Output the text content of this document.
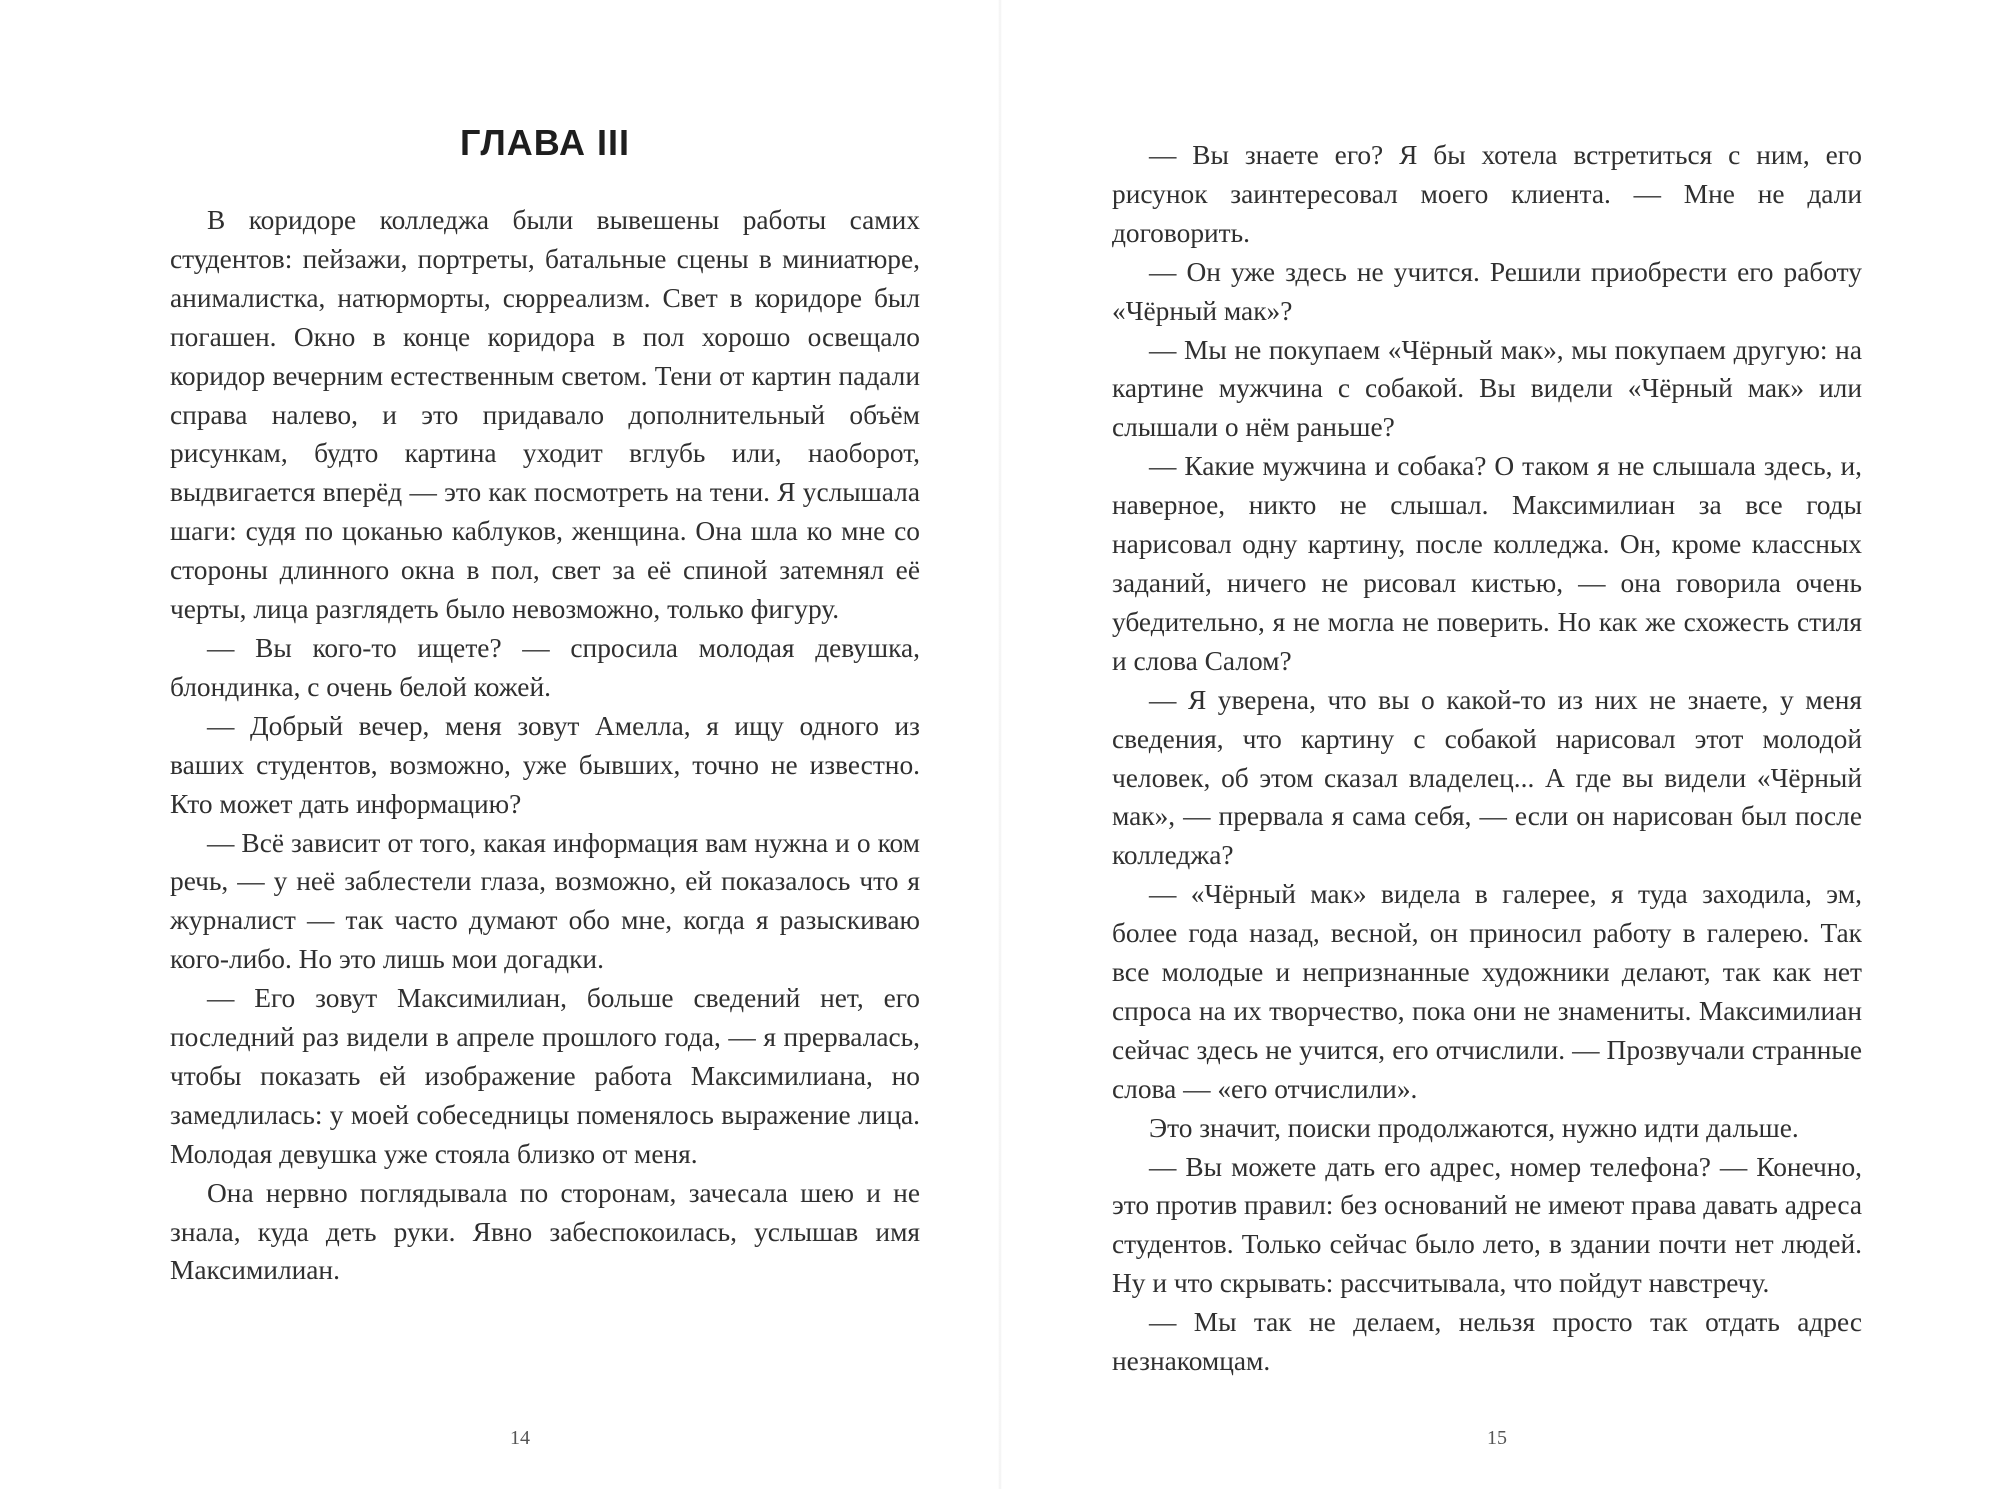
ГЛАВА III

В коридоре колледжа были вывешены работы самих студентов: пейзажи, портреты, батальные сцены в миниатюре, анималистка, натюрморты, сюрреализм. Свет в коридоре был погашен. Окно в конце коридора в пол хорошо освещало коридор вечерним естественным светом. Тени от картин падали справа налево, и это придавало дополнительный объём рисункам, будто картина уходит вглубь или, наоборот, выдвигается вперёд — это как посмотреть на тени. Я услышала шаги: судя по цоканью каблуков, женщина. Она шла ко мне со стороны длинного окна в пол, свет за её спиной затемнял её черты, лица разглядеть было невозможно, только фигуру.

— Вы кого-то ищете? — спросила молодая девушка, блондинка, с очень белой кожей.

— Добрый вечер, меня зовут Амелла, я ищу одного из ваших студентов, возможно, уже бывших, точно не известно. Кто может дать информацию?

— Всё зависит от того, какая информация вам нужна и о ком речь, — у неё заблестели глаза, возможно, ей показалось что я журналист — так часто думают обо мне, когда я разыскиваю кого-либо. Но это лишь мои догадки.

— Его зовут Максимилиан, больше сведений нет, его последний раз видели в апреле прошлого года, — я прервалась, чтобы показать ей изображение работа Максимилиана, но замедлилась: у моей собеседницы поменялось выражение лица. Молодая девушка уже стояла близко от меня.

Она нервно поглядывала по сторонам, зачесала шею и не знала, куда деть руки. Явно забеспокоилась, услышав имя Максимилиан.

14

— Вы знаете его? Я бы хотела встретиться с ним, его рисунок заинтересовал моего клиента. — Мне не дали договорить.

— Он уже здесь не учится. Решили приобрести его работу «Чёрный мак»?

— Мы не покупаем «Чёрный мак», мы покупаем другую: на картине мужчина с собакой. Вы видели «Чёрный мак» или слышали о нём раньше?

— Какие мужчина и собака? О таком я не слышала здесь, и, наверное, никто не слышал. Максимилиан за все годы нарисовал одну картину, после колледжа. Он, кроме классных заданий, ничего не рисовал кистью, — она говорила очень убедительно, я не могла не поверить. Но как же схожесть стиля и слова Салом?

— Я уверена, что вы о какой-то из них не знаете, у меня сведения, что картину с собакой нарисовал этот молодой человек, об этом сказал владелец... А где вы видели «Чёрный мак», — прервала я сама себя, — если он нарисован был после колледжа?

— «Чёрный мак» видела в галерее, я туда заходила, эм, более года назад, весной, он приносил работу в галерею. Так все молодые и непризнанные художники делают, так как нет спроса на их творчество, пока они не знамениты. Максимилиан сейчас здесь не учится, его отчислили. — Прозвучали странные слова — «его отчислили».

Это значит, поиски продолжаются, нужно идти дальше.

— Вы можете дать его адрес, номер телефона? — Конечно, это против правил: без оснований не имеют права давать адреса студентов. Только сейчас было лето, в здании почти нет людей. Ну и что скрывать: рассчитывала, что пойдут навстречу.

— Мы так не делаем, нельзя просто так отдать адрес незнакомцам.

15
